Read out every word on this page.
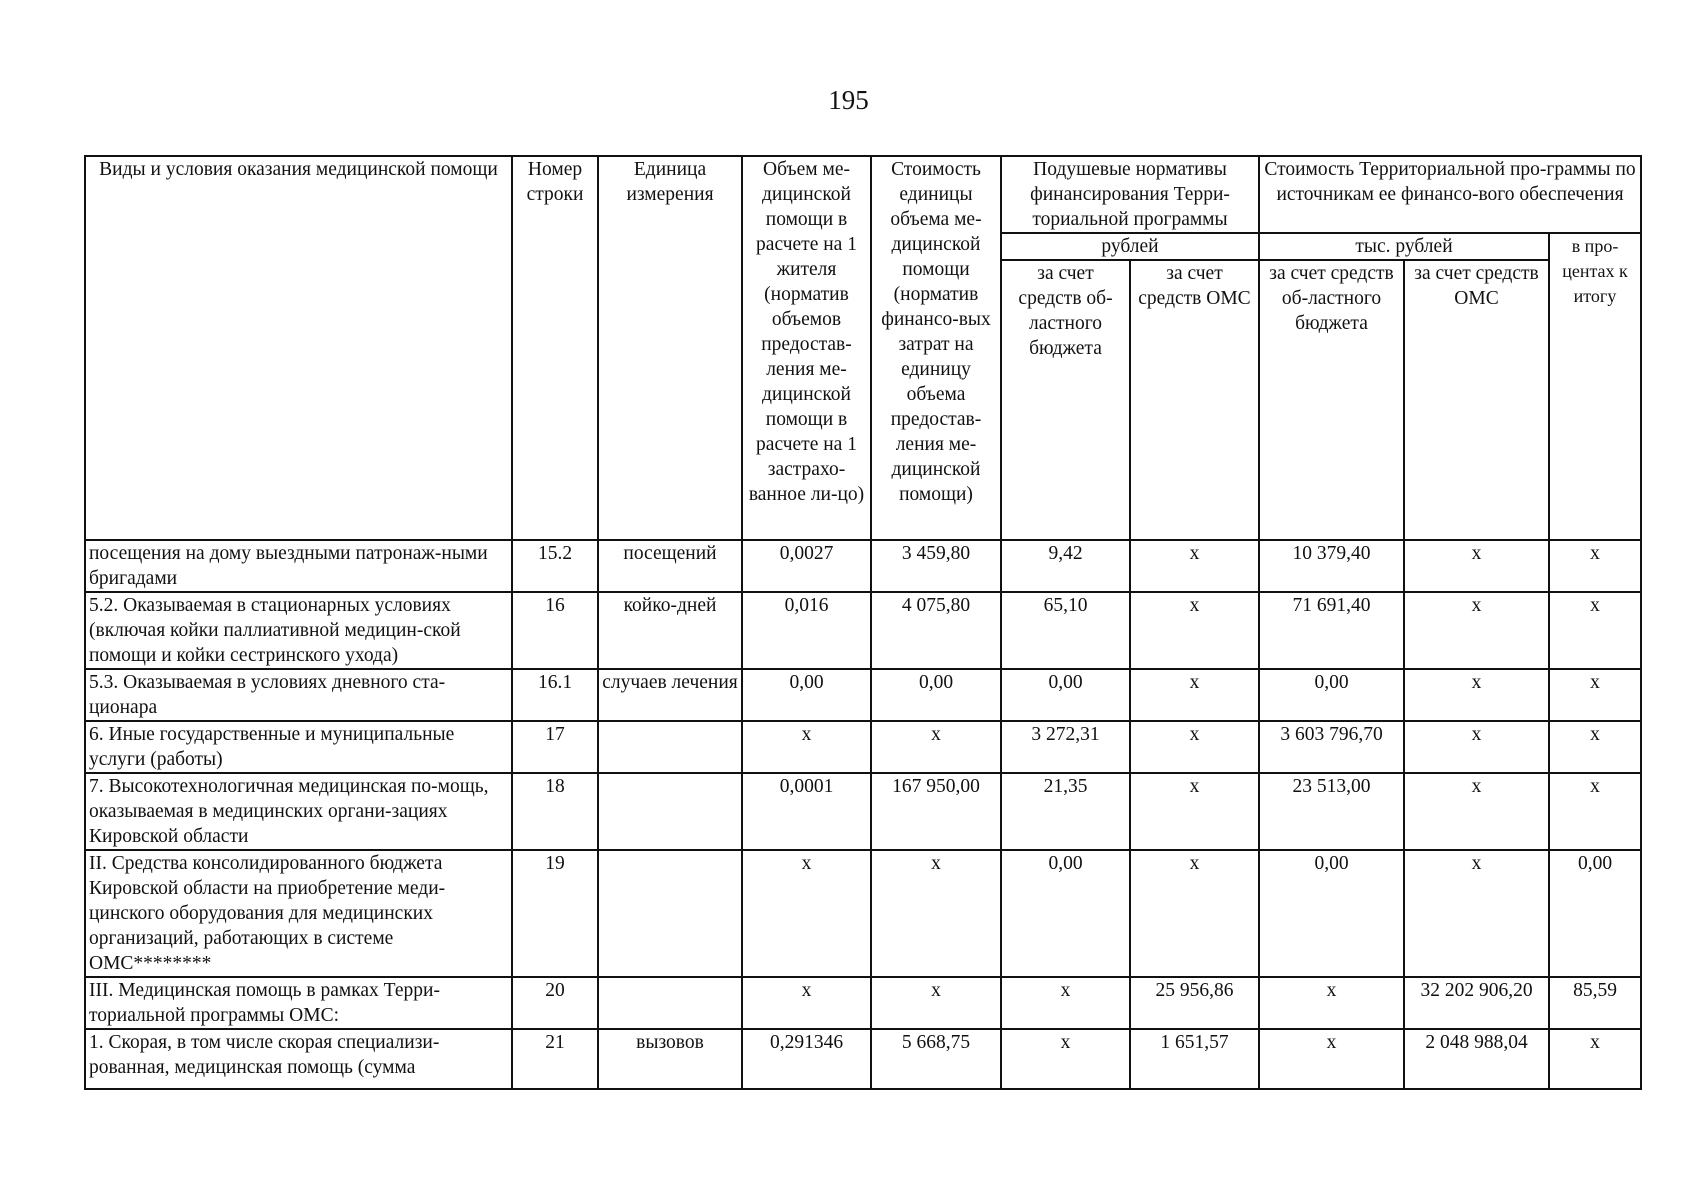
195
Виды и условия оказания медицинской помощи	Номер строки	Единица измерения	Объем ме-дицинской помощи в расчете на 1 жителя (норматив объемов предостав-ления ме-дицинской помощи в расчете на 1 застрахо-ванное ли-цо)	Стоимость единицы объема ме-дицинской помощи (норматив финансо-вых затрат на единицу объема предостав-ления ме-дицинской помощи)	Подушевые нормативы финансирования Терри-ториальной программы		Стоимость Территориальной про-граммы по источникам ее финансо-вого обеспечения		
					рублей		тыс. рублей		в про-центах к итогу
					за счет средств об-ластного бюджета	за счет средств ОМС	за счет средств об-ластного бюджета	за счет средств ОМС	
посещения на дому выездными патронаж-ными бригадами	15.2	посещений	0,0027	3 459,80	9,42	х	10 379,40	х	х
5.2. Оказываемая в стационарных условиях (включая койки паллиативной медицин-ской помощи и койки сестринского ухода)	16	койко-дней	0,016	4 075,80	65,10	х	71 691,40	х	х
5.3. Оказываемая в условиях дневного ста-ционара	16.1	случаев лечения	0,00	0,00	0,00	х	0,00	х	х
6. Иные государственные и муниципальные услуги (работы)	17		х	х	3 272,31	х	3 603 796,70	х	х
7. Высокотехнологичная медицинская по-мощь, оказываемая в медицинских органи-зациях Кировской области	18		0,0001	167 950,00	21,35	х	23 513,00	х	х
II. Средства консолидированного бюджета Кировской области на приобретение меди-цинского оборудования для медицинских организаций, работающих в системе ОМС********	19		х	х	0,00	х	0,00	х	0,00
III. Медицинская помощь в рамках Терри-ториальной программы ОМС:	20		х	х	х	25 956,86	х	32 202 906,20	85,59
1. Скорая, в том числе скорая специализи-рованная, медицинская помощь (сумма	21	вызовов	0,291346	5 668,75	х	1 651,57	х	2 048 988,04	х
